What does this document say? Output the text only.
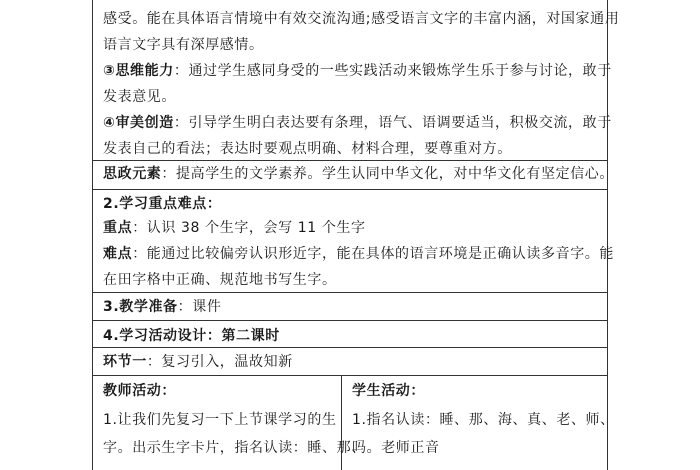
感受。能在具体语言情境中有效交流沟通;感受语言文字的丰富内涵，对国家通用
语言文字具有深厚感情。
③思维能力：通过学生感同身受的一些实践活动来锻炼学生乐于参与讨论，敢于
发表意见。
④审美创造：引导学生明白表达要有条理，语气、语调要适当，积极交流，敢于
发表自己的看法；表达时要观点明确、材料合理，要尊重对方。
思政元素：提高学生的文学素养。学生认同中华文化，对中华文化有坚定信心。
2.学习重点难点：
重点：认识 38 个生字，会写 11 个生字
难点：能通过比较偏旁认识形近字，能在具体的语言环境是正确认读多音字。能
在田字格中正确、规范地书写生字。
3.教学准备：课件
4.学习活动设计：第二课时
环节一：复习引入，温故知新
教师活动：
1.让我们先复习一下上节课学习的生
字。出示生字卡片，指名认读：睡、那、
学生活动：
1.指名认读：睡、那、海、真、老、师、
吗。老师正音
